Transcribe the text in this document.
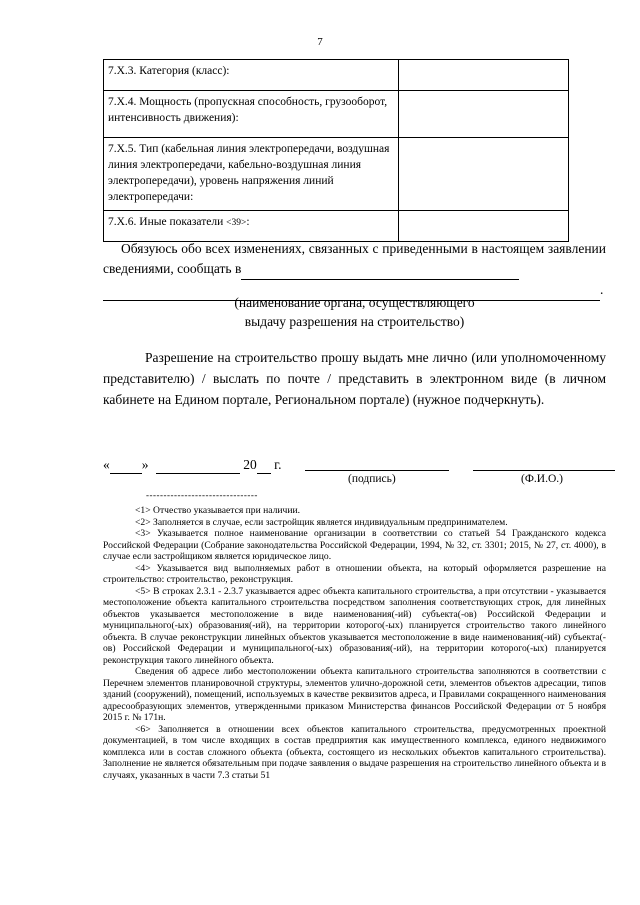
7
7.X.3. Категория (класс):	
7.X.4. Мощность (пропускная способность, грузооборот, интенсивность движения):	
7.X.5. Тип (кабельная линия электропередачи, воздушная линия электропередачи, кабельно-воздушная линия электропередачи), уровень напряжения линий электропередачи:	
7.X.6. Иные показатели <39>:	
Обязуюсь обо всех изменениях, связанных с приведенными в настоящем заявлении сведениями, сообщать в
.
(наименование органа, осуществляющего выдачу разрешения на строительство)
Разрешение на строительство прошу выдать мне лично (или уполномоченному представителю) / выслать по почте / представить в электронном виде (в личном кабинете на Едином портале, Региональном портале) (нужное подчеркнуть).
« »	20  г.
(подпись)	(Ф.И.О.)
--------------------------------

<1> Отчество указывается при наличии.

<2> Заполняется в случае, если застройщик является индивидуальным предпринимателем.

<3> Указывается полное наименование организации в соответствии со статьей 54 Гражданского кодекса Российской Федерации (Собрание законодательства Российской Федерации, 1994, № 32, ст. 3301; 2015, № 27, ст. 4000), в случае если застройщиком является юридическое лицо.

<4> Указывается вид выполняемых работ в отношении объекта, на который оформляется разрешение на строительство: строительство, реконструкция.

<5> В строках 2.3.1 - 2.3.7 указывается адрес объекта капитального строительства, а при отсутствии - указывается местоположение объекта капитального строительства посредством заполнения соответствующих строк, для линейных объектов указывается местоположение в виде наименования(-ий) субъекта(-ов) Российской Федерации и муниципального(-ых) образования(-ий), на территории которого(-ых) планируется строительство такого линейного объекта. В случае реконструкции линейных объектов указывается местоположение в виде наименования(-ий) субъекта(-ов) Российской Федерации и муниципального(-ых) образования(-ий), на территории которого(-ых) планируется реконструкция такого линейного объекта.

Сведения об адресе либо местоположении объекта капитального строительства заполняются в соответствии с Перечнем элементов планировочной структуры, элементов улично-дорожной сети, элементов объектов адресации, типов зданий (сооружений), помещений, используемых в качестве реквизитов адреса, и Правилами сокращенного наименования адресообразующих элементов, утвержденными приказом Министерства финансов Российской Федерации от 5 ноября 2015 г. № 171н.

<6> Заполняется в отношении всех объектов капитального строительства, предусмотренных проектной документацией, в том числе входящих в состав предприятия как имущественного комплекса, единого недвижимого комплекса или в состав сложного объекта (объекта, состоящего из нескольких объектов капитального строительства). Заполнение не является обязательным при подаче заявления о выдаче разрешения на строительство линейного объекта и в случаях, указанных в части 7.3 статьи 51
